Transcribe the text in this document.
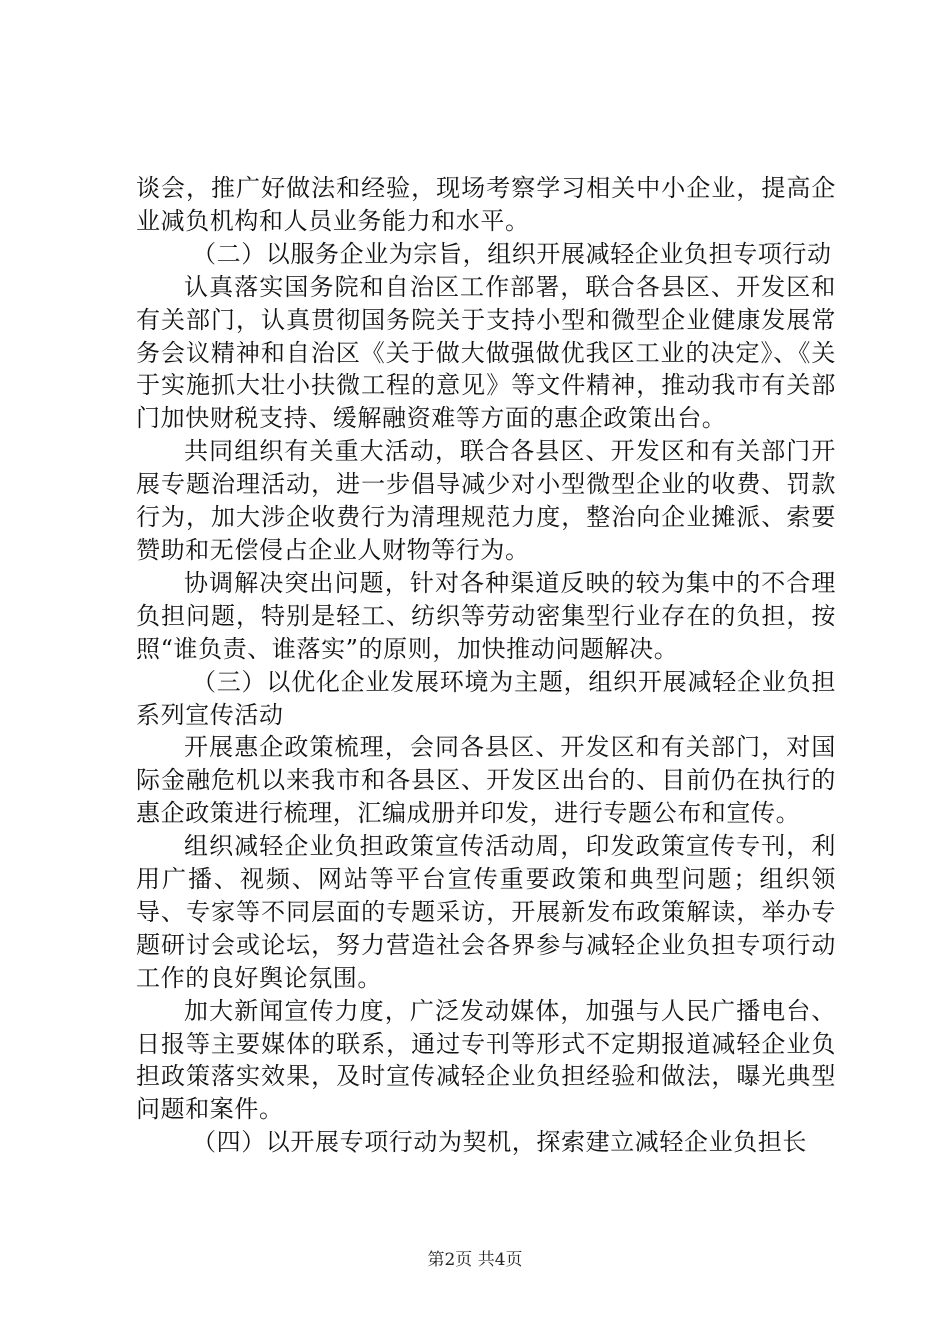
谈会，推广好做法和经验，现场考察学习相关中小企业，提高企业减负机构和人员业务能力和水平。

（二）以服务企业为宗旨，组织开展减轻企业负担专项行动

认真落实国务院和自治区工作部署，联合各县区、开发区和有关部门，认真贯彻国务院关于支持小型和微型企业健康发展常务会议精神和自治区《关于做大做强做优我区工业的决定》、《关于实施抓大壮小扶微工程的意见》等文件精神，推动我市有关部门加快财税支持、缓解融资难等方面的惠企政策出台。

共同组织有关重大活动，联合各县区、开发区和有关部门开展专题治理活动，进一步倡导减少对小型微型企业的收费、罚款行为，加大涉企收费行为清理规范力度，整治向企业摊派、索要赞助和无偿侵占企业人财物等行为。

协调解决突出问题，针对各种渠道反映的较为集中的不合理负担问题，特别是轻工、纺织等劳动密集型行业存在的负担，按照“谁负责、谁落实”的原则，加快推动问题解决。

（三）以优化企业发展环境为主题，组织开展减轻企业负担系列宣传活动

开展惠企政策梳理，会同各县区、开发区和有关部门，对国际金融危机以来我市和各县区、开发区出台的、目前仍在执行的惠企政策进行梳理，汇编成册并印发，进行专题公布和宣传。

组织减轻企业负担政策宣传活动周，印发政策宣传专刊，利用广播、视频、网站等平台宣传重要政策和典型问题；组织领导、专家等不同层面的专题采访，开展新发布政策解读，举办专题研讨会或论坛，努力营造社会各界参与减轻企业负担专项行动工作的良好舆论氛围。

加大新闻宣传力度，广泛发动媒体，加强与人民广播电台、日报等主要媒体的联系，通过专刊等形式不定期报道减轻企业负担政策落实效果，及时宣传减轻企业负担经验和做法，曝光典型问题和案件。

（四）以开展专项行动为契机，探索建立减轻企业负担长

第2页 共4页
